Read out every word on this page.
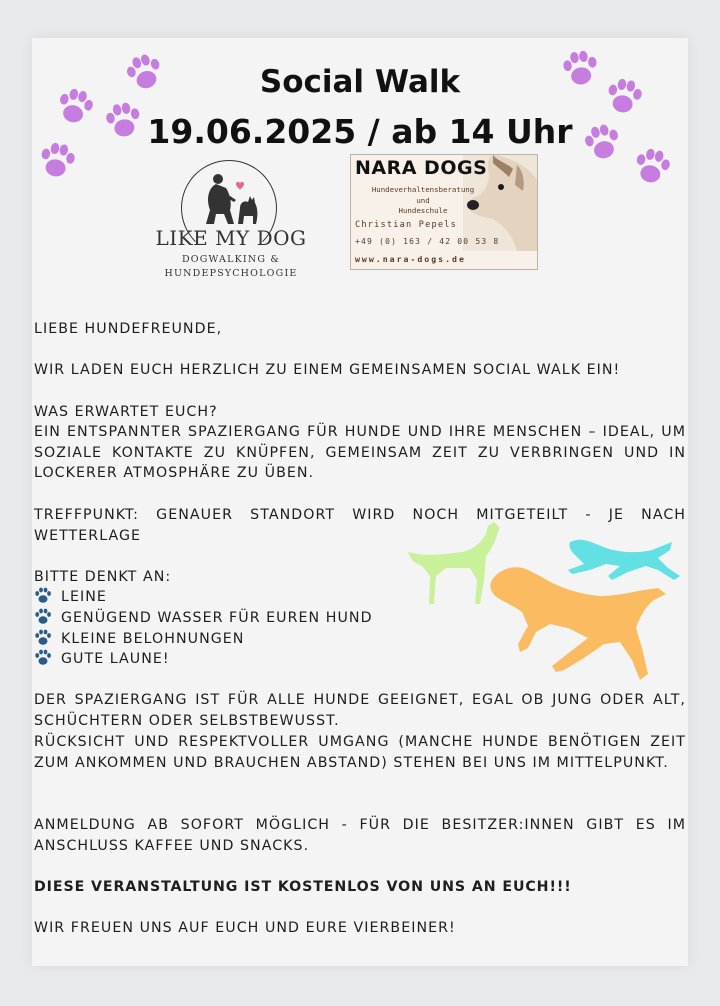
Social Walk
19.06.2025 / ab 14 Uhr
LIKE MY DOG
DOGWALKING &
HUNDEPSYCHOLOGIE
NARA DOGS
Hundeverhaltensberatung
und
Hundeschule
Christian Pepels
+49 (0) 163 / 42 00 53 8
www.nara-dogs.de
LIEBE HUNDEFREUNDE,
WIR LADEN EUCH HERZLICH ZU EINEM GEMEINSAMEN SOCIAL WALK EIN!
WAS ERWARTET EUCH?
EIN ENTSPANNTER SPAZIERGANG FÜR HUNDE UND IHRE MENSCHEN – IDEAL, UM SOZIALE KONTAKTE ZU KNÜPFEN, GEMEINSAM ZEIT ZU VERBRINGEN UND IN LOCKERER ATMOSPHÄRE ZU ÜBEN.
TREFFPUNKT: GENAUER STANDORT WIRD NOCH MITGETEILT - JE NACH WETTERLAGE
BITTE DENKT AN:
LEINE
GENÜGEND WASSER FÜR EUREN HUND
KLEINE BELOHNUNGEN
GUTE LAUNE!
DER SPAZIERGANG IST FÜR ALLE HUNDE GEEIGNET, EGAL OB JUNG ODER ALT, SCHÜCHTERN ODER SELBSTBEWUSST.
RÜCKSICHT UND RESPEKTVOLLER UMGANG (MANCHE HUNDE BENÖTIGEN ZEIT ZUM ANKOMMEN UND BRAUCHEN ABSTAND) STEHEN BEI UNS IM MITTELPUNKT.
ANMELDUNG AB SOFORT MÖGLICH - FÜR DIE BESITZER:INNEN GIBT ES IM ANSCHLUSS KAFFEE UND SNACKS.
DIESE VERANSTALTUNG IST KOSTENLOS VON UNS AN EUCH!!!
WIR FREUEN UNS AUF EUCH UND EURE VIERBEINER!
